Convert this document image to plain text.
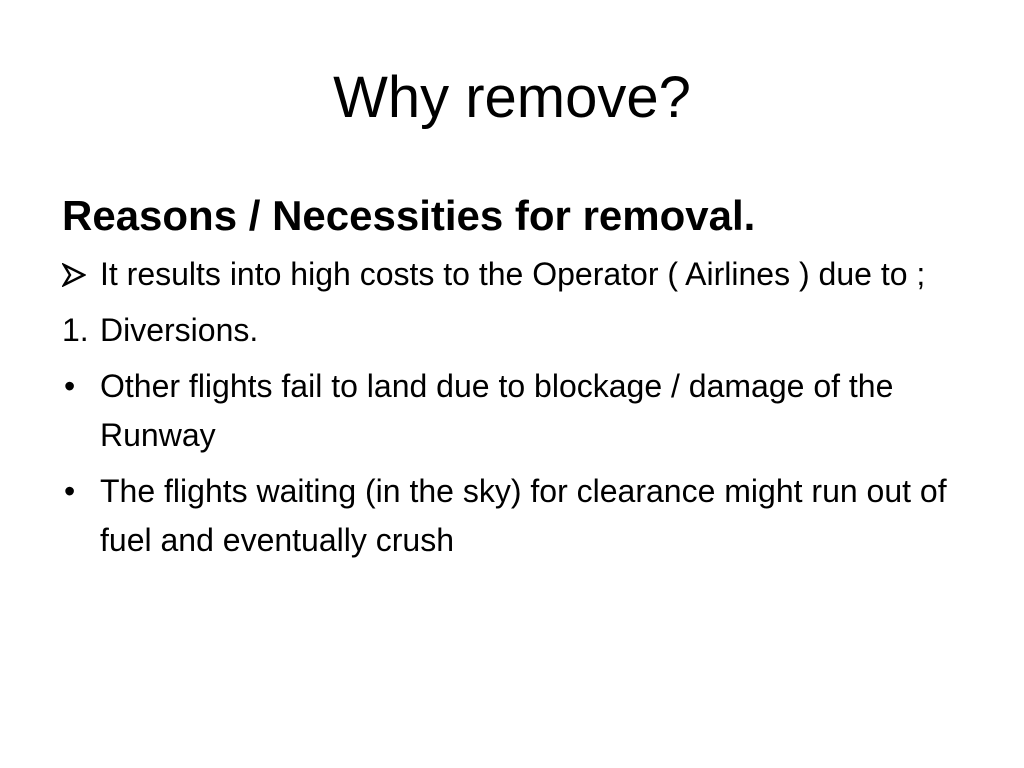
Why remove?
Reasons / Necessities for removal.
It results into high costs to the Operator ( Airlines ) due to ;
1. Diversions.
• Other flights fail to land due to blockage / damage of the Runway
• The flights waiting (in the sky) for clearance might run out of fuel and eventually crush
